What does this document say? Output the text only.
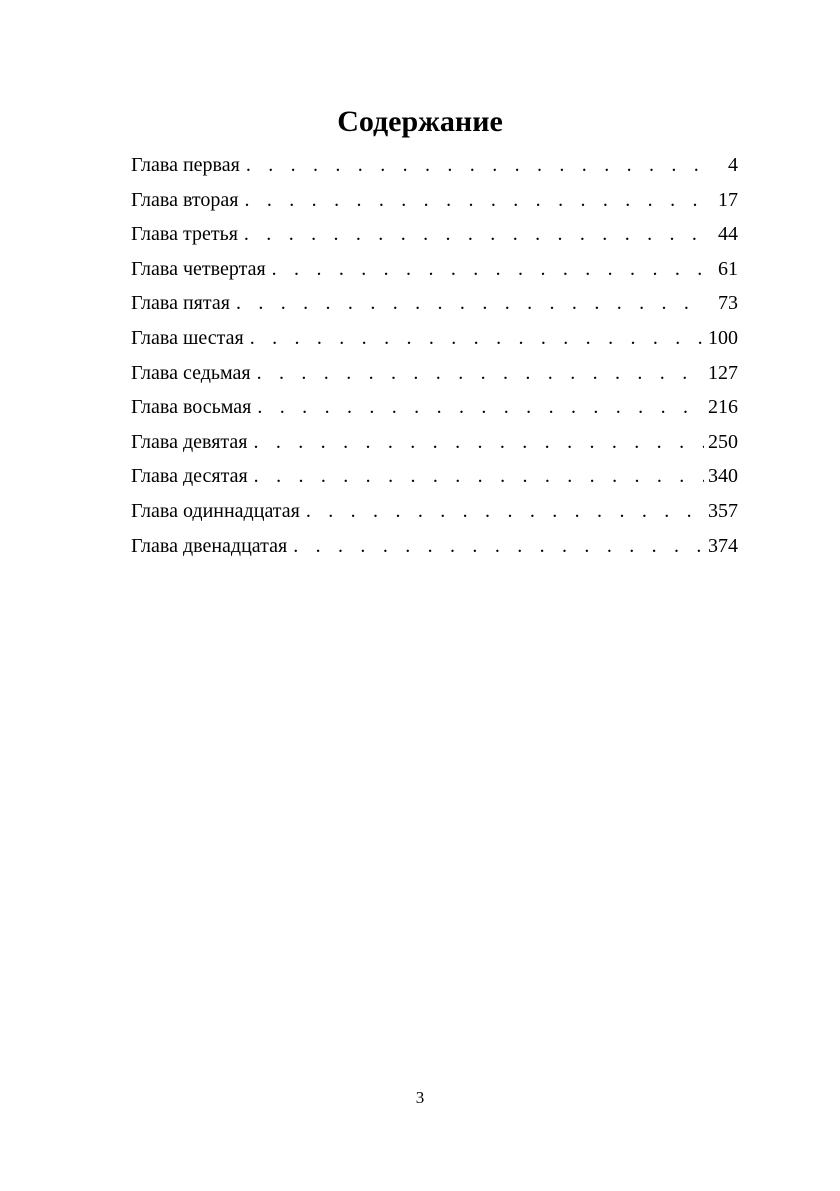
Содержание
Глава первая . . .	4
Глава вторая . . .	17
Глава третья . . .	44
Глава четвертая . . .	61
Глава пятая . . .	73
Глава шестая . . .	100
Глава седьмая . . .	127
Глава восьмая . . .	216
Глава девятая . . .	250
Глава десятая . . .	340
Глава одиннадцатая . . .	357
Глава двенадцатая . . .	374
3
